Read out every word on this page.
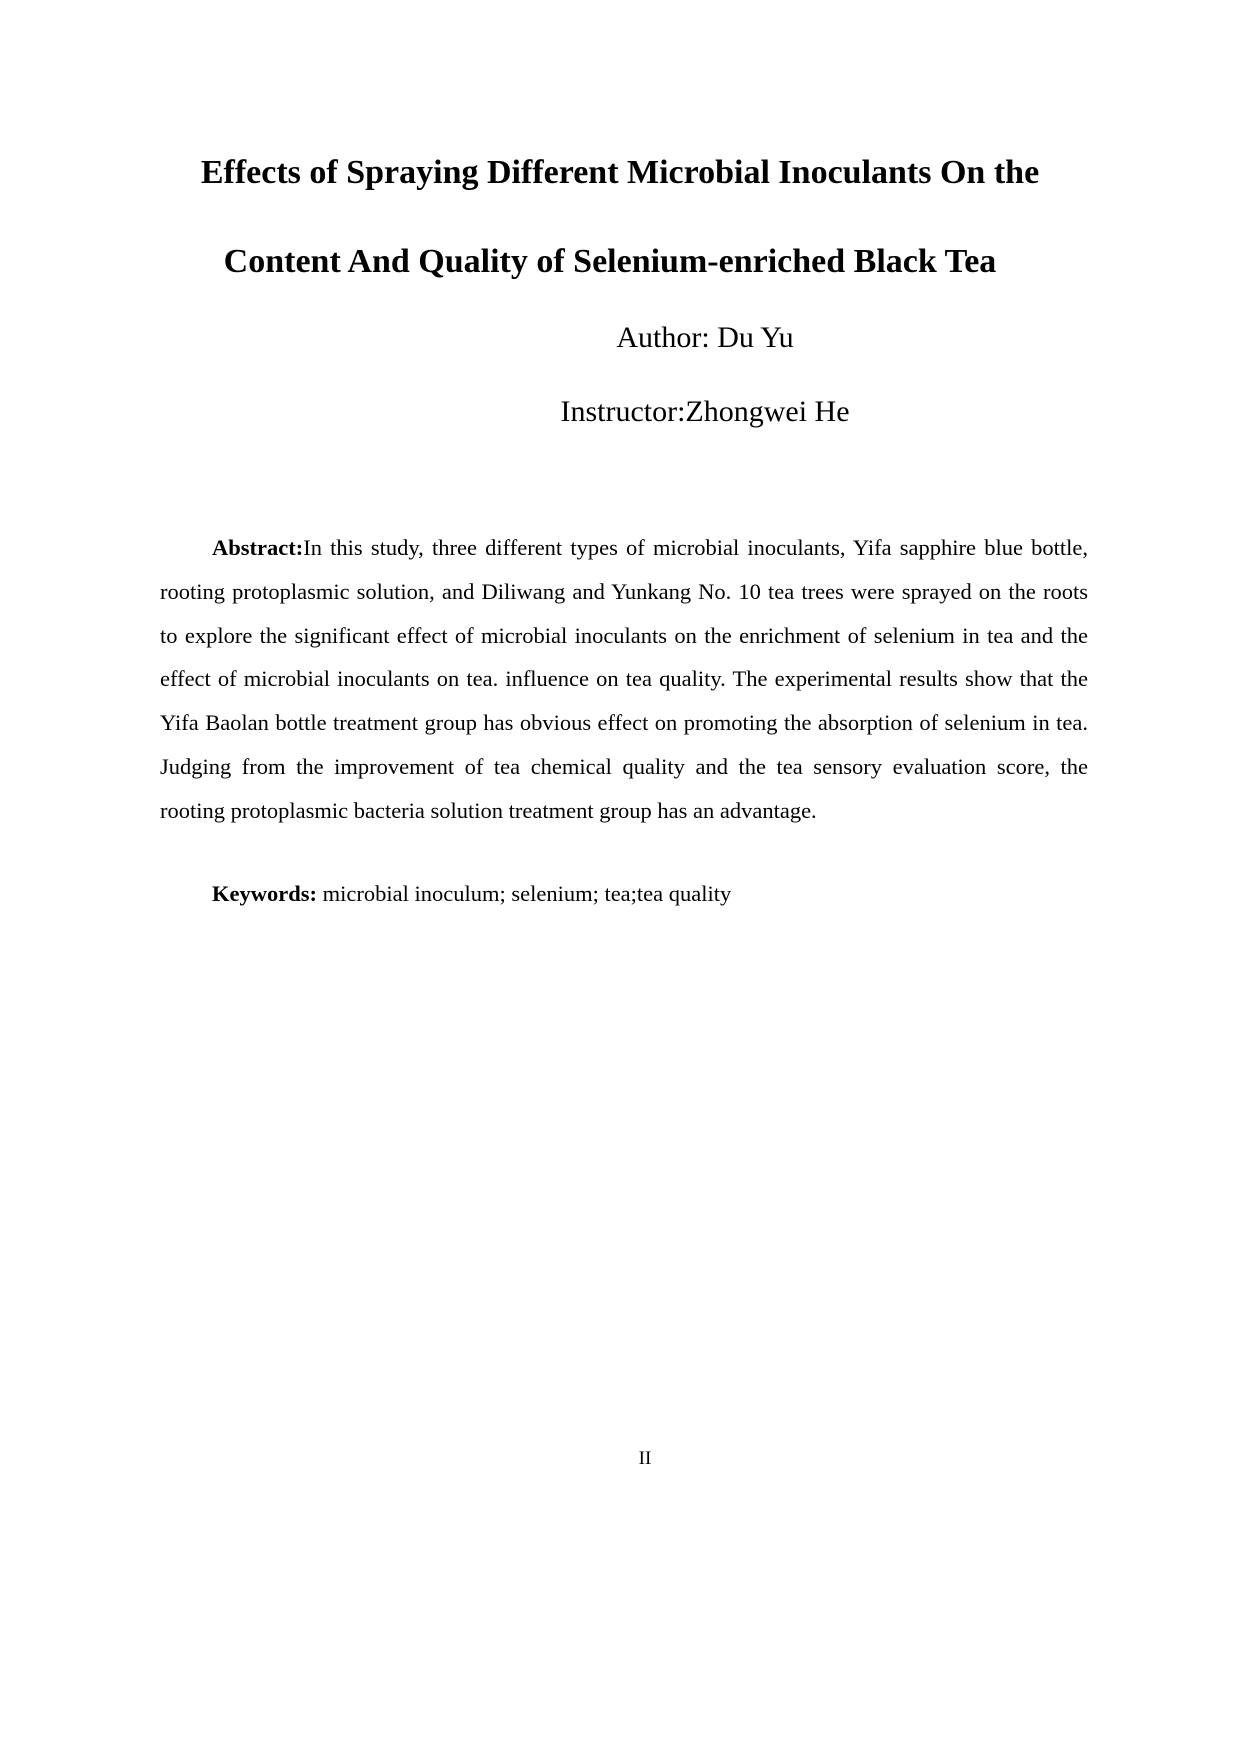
Effects of Spraying Different Microbial Inoculants On the
Content And Quality of Selenium-enriched Black Tea
Author: Du Yu
Instructor:Zhongwei He

Abstract:In this study, three different types of microbial inoculants, Yifa sapphire blue bottle, rooting protoplasmic solution, and Diliwang and Yunkang No. 10 tea trees were sprayed on the roots to explore the significant effect of microbial inoculants on the enrichment of selenium in tea and the effect of microbial inoculants on tea. influence on tea quality. The experimental results show that the Yifa Baolan bottle treatment group has obvious effect on promoting the absorption of selenium in tea. Judging from the improvement of tea chemical quality and the tea sensory evaluation score, the rooting protoplasmic bacteria solution treatment group has an advantage.

Keywords: microbial inoculum; selenium; tea;tea quality

II
